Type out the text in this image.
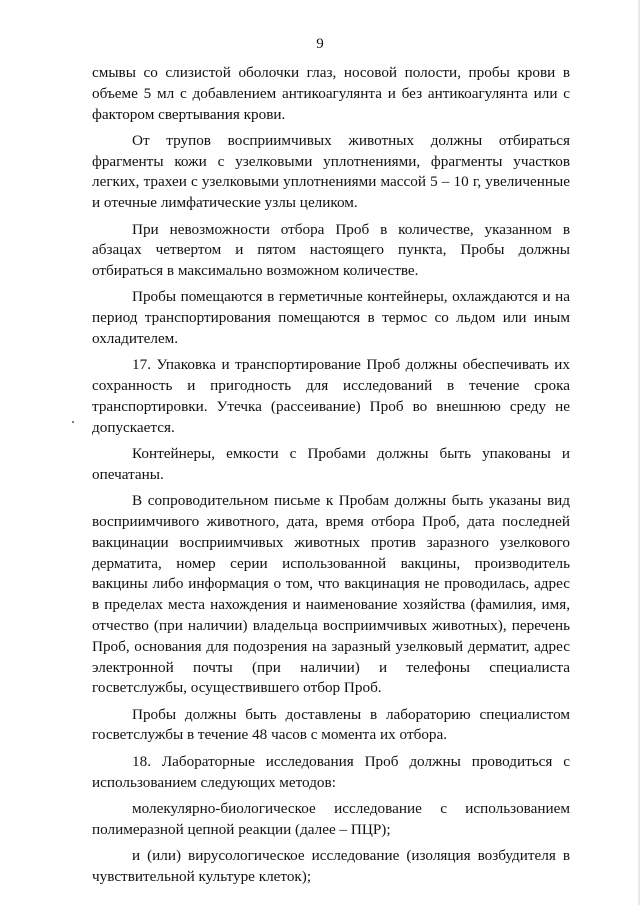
9

смывы со слизистой оболочки глаз, носовой полости, пробы крови в объеме 5 мл с добавлением антикоагулянта и без антикоагулянта или с фактором свертывания крови.

От трупов восприимчивых животных должны отбираться фрагменты кожи с узелковыми уплотнениями, фрагменты участков легких, трахеи с узелковыми уплотнениями массой 5 – 10 г, увеличенные и отечные лимфатические узлы целиком.

При невозможности отбора Проб в количестве, указанном в абзацах четвертом и пятом настоящего пункта, Пробы должны отбираться в максимально возможном количестве.

Пробы помещаются в герметичные контейнеры, охлаждаются и на период транспортирования помещаются в термос со льдом или иным охладителем.

17. Упаковка и транспортирование Проб должны обеспечивать их сохранность и пригодность для исследований в течение срока транспортировки. Утечка (рассеивание) Проб во внешнюю среду не допускается.

Контейнеры, емкости с Пробами должны быть упакованы и опечатаны.

В сопроводительном письме к Пробам должны быть указаны вид восприимчивого животного, дата, время отбора Проб, дата последней вакцинации восприимчивых животных против заразного узелкового дерматита, номер серии использованной вакцины, производитель вакцины либо информация о том, что вакцинация не проводилась, адрес в пределах места нахождения и наименование хозяйства (фамилия, имя, отчество (при наличии) владельца восприимчивых животных), перечень Проб, основания для подозрения на заразный узелковый дерматит, адрес электронной почты (при наличии) и телефоны специалиста госветслужбы, осуществившего отбор Проб.

Пробы должны быть доставлены в лабораторию специалистом госветслужбы в течение 48 часов с момента их отбора.

18. Лабораторные исследования Проб должны проводиться с использованием следующих методов:

молекулярно-биологическое исследование с использованием полимеразной цепной реакции (далее – ПЦР);

и (или) вирусологическое исследование (изоляция возбудителя в чувствительной культуре клеток);
